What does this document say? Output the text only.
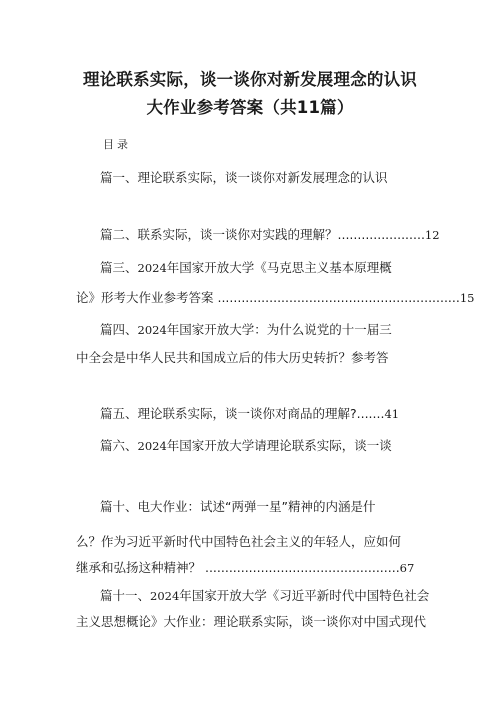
理论联系实际，谈一谈你对新发展理念的认识
大作业参考答案（共11篇）
目录
篇一、理论联系实际，谈一谈你对新发展理念的认识
篇二、联系实际，谈一谈你对实践的理解？......................12
篇三、2024年国家开放大学《马克思主义基本原理概
论》形考大作业参考答案 .............................................................15
篇四、2024年国家开放大学：为什么说党的十一届三
中全会是中华人民共和国成立后的伟大历史转折？参考答
篇五、理论联系实际，谈一谈你对商品的理解?.......41
篇六、2024年国家开放大学请理论联系实际，谈一谈
篇十、电大作业：试述“两弹一星”精神的内涵是什
么？作为习近平新时代中国特色社会主义的年轻人，应如何
继承和弘扬这种精神？ .................................................67
篇十一、2024年国家开放大学《习近平新时代中国特色社会
主义思想概论》大作业：理论联系实际，谈一谈你对中国式现代
